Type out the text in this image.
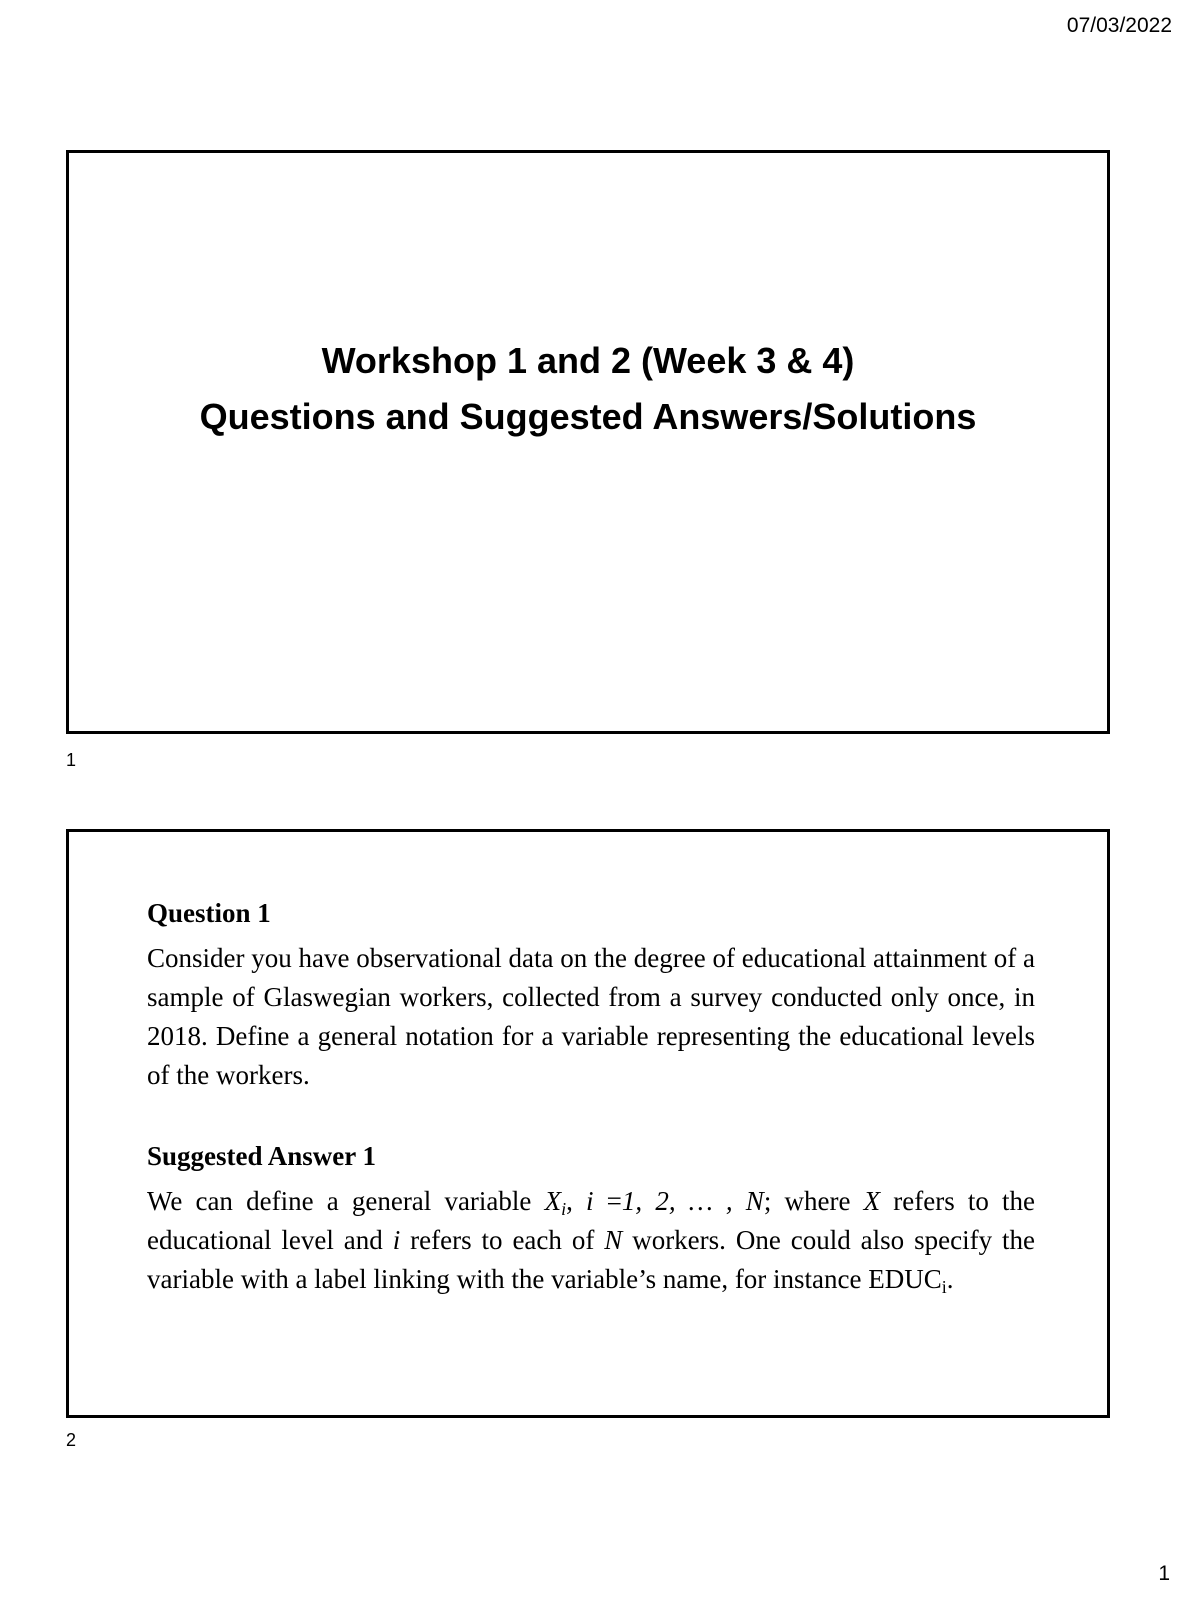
07/03/2022
Workshop 1 and 2 (Week 3 & 4)
Questions and Suggested Answers/Solutions
1

Question 1

Consider you have observational data on the degree of educational attainment of a sample of Glaswegian workers, collected from a survey conducted only once, in 2018. Define a general notation for a variable representing the educational levels of the workers.

Suggested Answer 1

We can define a general variable $X_i$, i =1, 2, … , N; where X refers to the educational level and i refers to each of N workers. One could also specify the variable with a label linking with the variable’s name, for instance $EDUC_i$.

2
1
